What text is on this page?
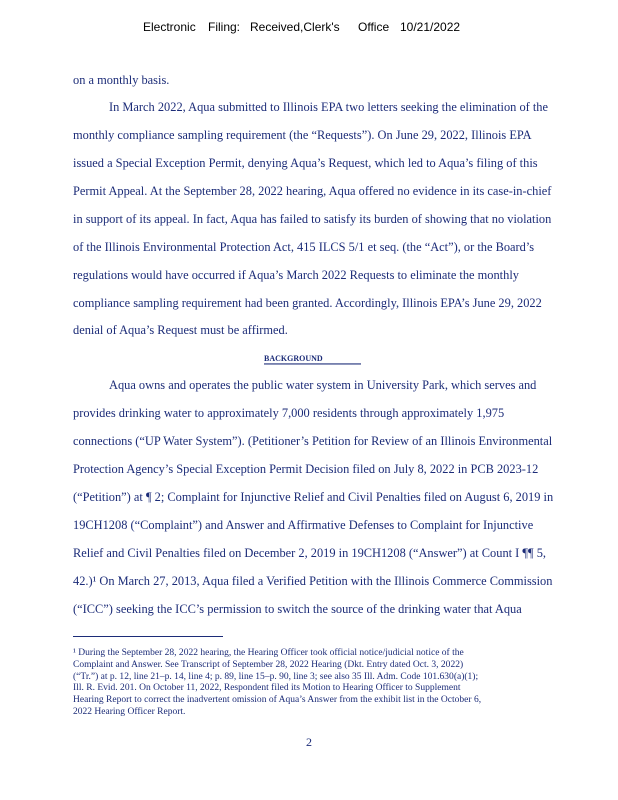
Electronic Filing: Received,Clerk's Office 10/21/2022
on a monthly basis.
In March 2022, Aqua submitted to Illinois EPA two letters seeking the elimination of the
monthly compliance sampling requirement (the “Requests”). On June 29, 2022, Illinois EPA
issued a Special Exception Permit, denying Aqua’s Request, which led to Aqua’s filing of this
Permit Appeal. At the September 28, 2022 hearing, Aqua offered no evidence in its case-in-chief
in support of its appeal. In fact, Aqua has failed to satisfy its burden of showing that no violation
of the Illinois Environmental Protection Act, 415 ILCS 5/1 et seq. (the “Act”), or the Board’s
regulations would have occurred if Aqua’s March 2022 Requests to eliminate the monthly
compliance sampling requirement had been granted. Accordingly, Illinois EPA’s June 29, 2022
denial of Aqua’s Request must be affirmed.
Aqua owns and operates the public water system in University Park, which serves and
provides drinking water to approximately 7,000 residents through approximately 1,975
connections (“UP Water System”). (Petitioner’s Petition for Review of an Illinois Environmental
Protection Agency’s Special Exception Permit Decision filed on July 8, 2022 in PCB 2023-12
(“Petition”) at ¶ 2; Complaint for Injunctive Relief and Civil Penalties filed on August 6, 2019 in
19CH1208 (“Complaint”) and Answer and Affirmative Defenses to Complaint for Injunctive
Relief and Civil Penalties filed on December 2, 2019 in 19CH1208 (“Answer”) at Count I ¶¶ 5,
42.)¹ On March 27, 2013, Aqua filed a Verified Petition with the Illinois Commerce Commission
(“ICC”) seeking the ICC’s permission to switch the source of the drinking water that Aqua
BACKGROUND
¹ During the September 28, 2022 hearing, the Hearing Officer took official notice/judicial notice of the
Complaint and Answer. See Transcript of September 28, 2022 Hearing (Dkt. Entry dated Oct. 3, 2022)
(“Tr.”) at p. 12, line 21–p. 14, line 4; p. 89, line 15–p. 90, line 3; see also 35 Ill. Adm. Code 101.630(a)(1);
Ill. R. Evid. 201. On October 11, 2022, Respondent filed its Motion to Hearing Officer to Supplement
Hearing Report to correct the inadvertent omission of Aqua’s Answer from the exhibit list in the October 6,
2022 Hearing Officer Report.
2
